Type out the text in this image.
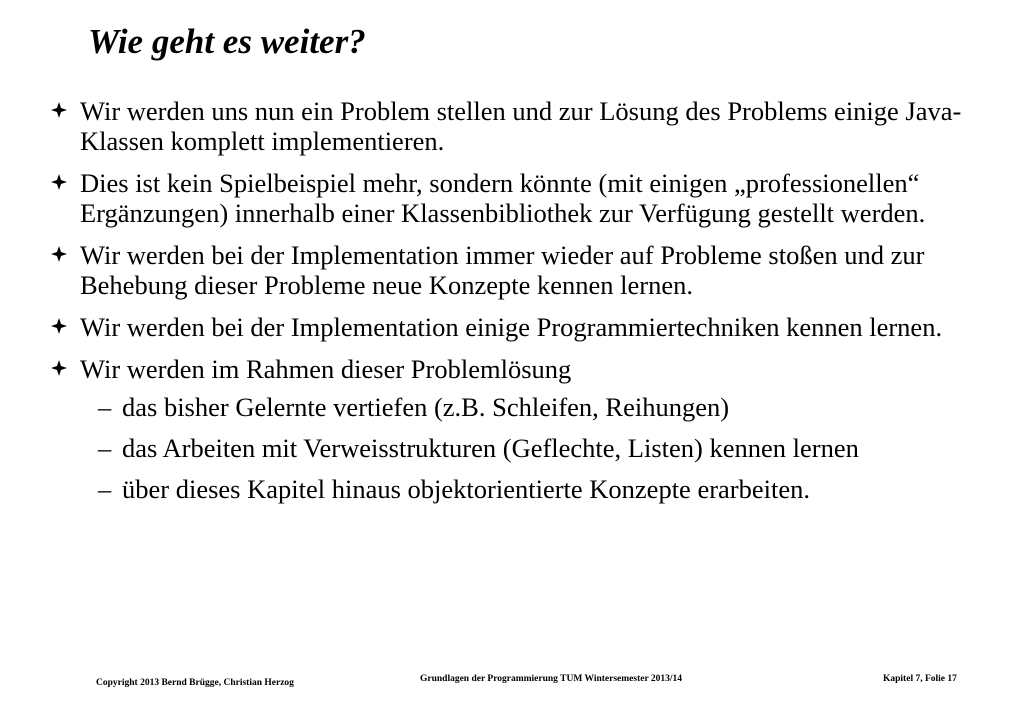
Wie geht es weiter?
Wir werden uns nun ein Problem stellen und zur Lösung des Problems einige Java-Klassen komplett implementieren.
Dies ist kein Spielbeispiel mehr, sondern könnte (mit einigen „professionellen“ Ergänzungen) innerhalb einer Klassenbibliothek zur Verfügung gestellt werden.
Wir werden bei der Implementation immer wieder auf Probleme stoßen und zur Behebung dieser Probleme neue Konzepte kennen lernen.
Wir werden bei der Implementation einige Programmiertechniken kennen lernen.
Wir werden im Rahmen dieser Problemlösung
– das bisher Gelernte vertiefen (z.B. Schleifen, Reihungen)
– das Arbeiten mit Verweisstrukturen (Geflechte, Listen) kennen lernen
– über dieses Kapitel hinaus objektorientierte Konzepte erarbeiten.
Copyright 2013 Bernd Brügge, Christian Herzog	Grundlagen der Programmierung TUM Wintersemester 2013/14	Kapitel 7, Folie 17
